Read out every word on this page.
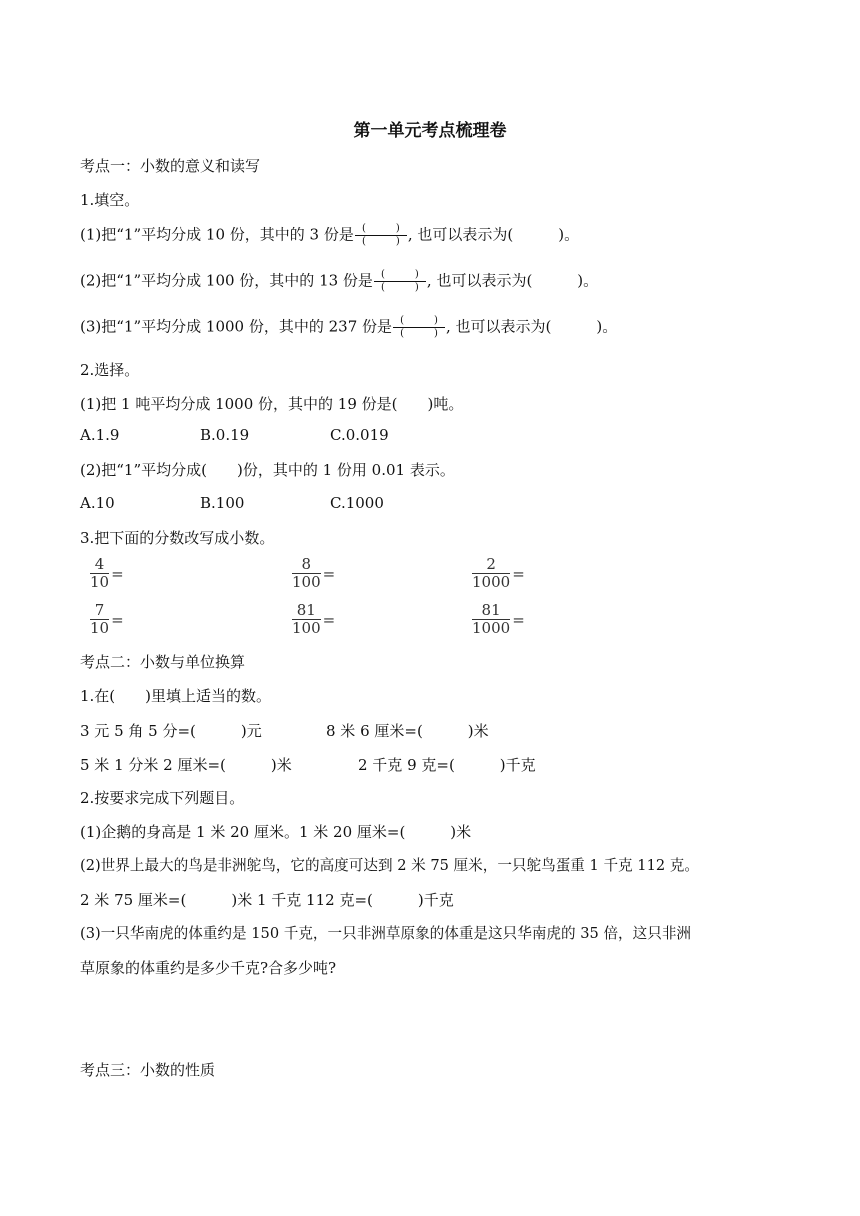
第一单元考点梳理卷
考点一：小数的意义和读写
1.填空。
(1)把“1”平均分成 10 份，其中的 3 份是 $\frac{( )}{( )}$ , 也可以表示为(　　　)。
(2)把“1”平均分成 100 份，其中的 13 份是 $\frac{( )}{( )}$ , 也可以表示为(　　　)。
(3)把“1”平均分成 1000 份，其中的 237 份是 $\frac{( )}{( )}$ , 也可以表示为(　　　)。
2.选择。
(1)把 1 吨平均分成 1000 份，其中的 19 份是(　　)吨。
A.1.9	B.0.19	C.0.019
(2)把“1”平均分成(　　)份，其中的 1 份用 0.01 表示。
A.10	B.100	C.1000
3.把下面的分数改写成小数。
$\frac{4}{10}$ =	$\frac{8}{100}$ =	$\frac{2}{1000}$ =
$\frac{7}{10}$ =	$\frac{81}{100}$ =	$\frac{81}{1000}$ =
考点二：小数与单位换算
1.在(　　)里填上适当的数。
3 元 5 角 5 分=(　　　)元	8 米 6 厘米=(　　　)米
5 米 1 分米 2 厘米=(　　　)米	2 千克 9 克=(　　　)千克
2.按要求完成下列题目。
(1)企鹅的身高是 1 米 20 厘米。1 米 20 厘米=(　　　)米
(2)世界上最大的鸟是非洲鸵鸟，它的高度可达到 2 米 75 厘米，一只鸵鸟蛋重 1 千克 112 克。
2 米 75 厘米=(　　　)米 1 千克 112 克=(　　　)千克
(3)一只华南虎的体重约是 150 千克，一只非洲草原象的体重是这只华南虎的 35 倍，这只非洲
草原象的体重约是多少千克?合多少吨?
考点三：小数的性质
